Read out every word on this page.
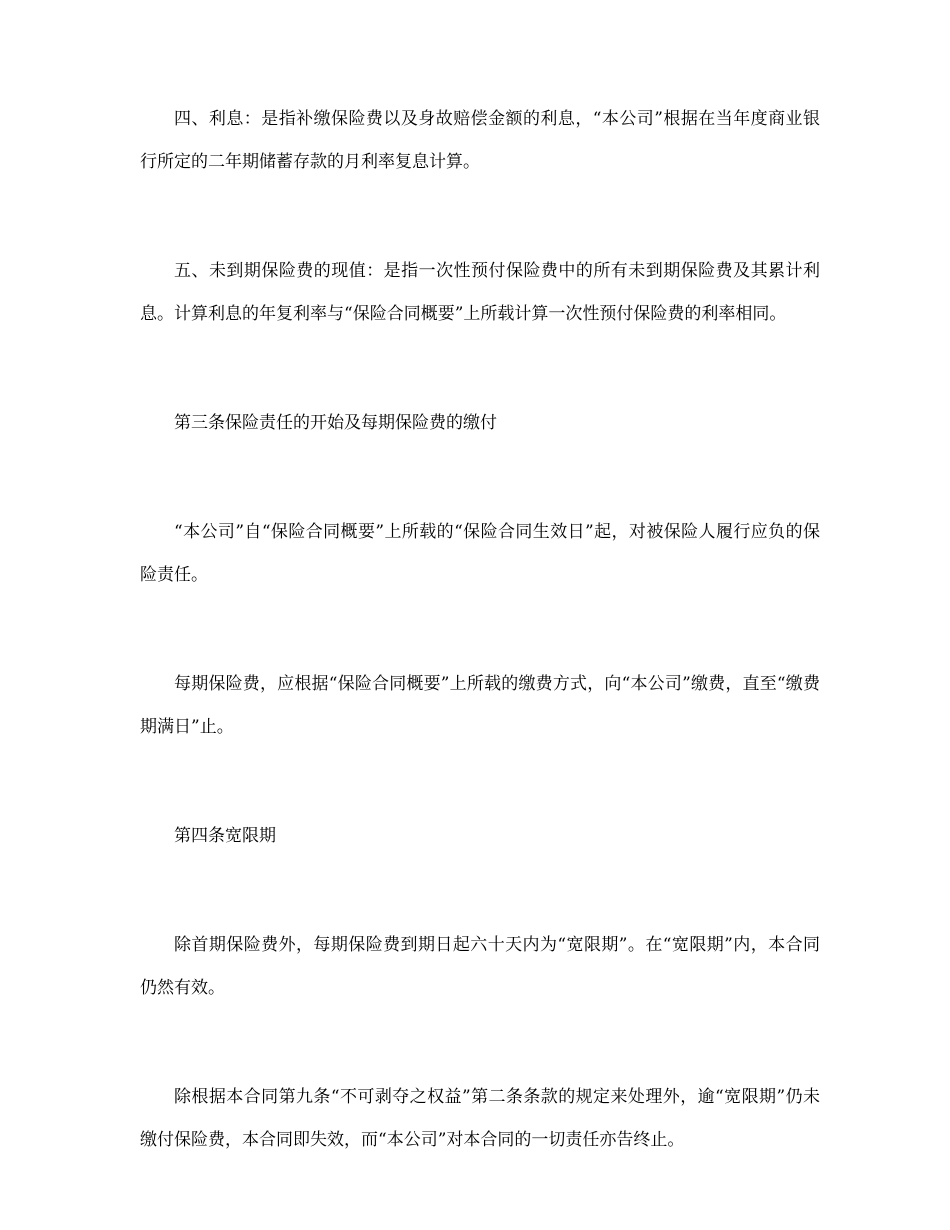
四、利息：是指补缴保险费以及身故赔偿金额的利息，“本公司”根据在当年度商业银行所定的二年期储蓄存款的月利率复息计算。

五、未到期保险费的现值：是指一次性预付保险费中的所有未到期保险费及其累计利息。计算利息的年复利率与“保险合同概要”上所载计算一次性预付保险费的利率相同。

第三条保险责任的开始及每期保险费的缴付

“本公司”自“保险合同概要”上所载的“保险合同生效日”起，对被保险人履行应负的保险责任。

每期保险费，应根据“保险合同概要”上所载的缴费方式，向“本公司”缴费，直至“缴费期满日”止。

第四条宽限期

除首期保险费外，每期保险费到期日起六十天内为“宽限期”。在“宽限期”内，本合同仍然有效。

除根据本合同第九条“不可剥夺之权益”第二条条款的规定来处理外，逾“宽限期”仍未缴付保险费，本合同即失效，而“本公司”对本合同的一切责任亦告终止。
